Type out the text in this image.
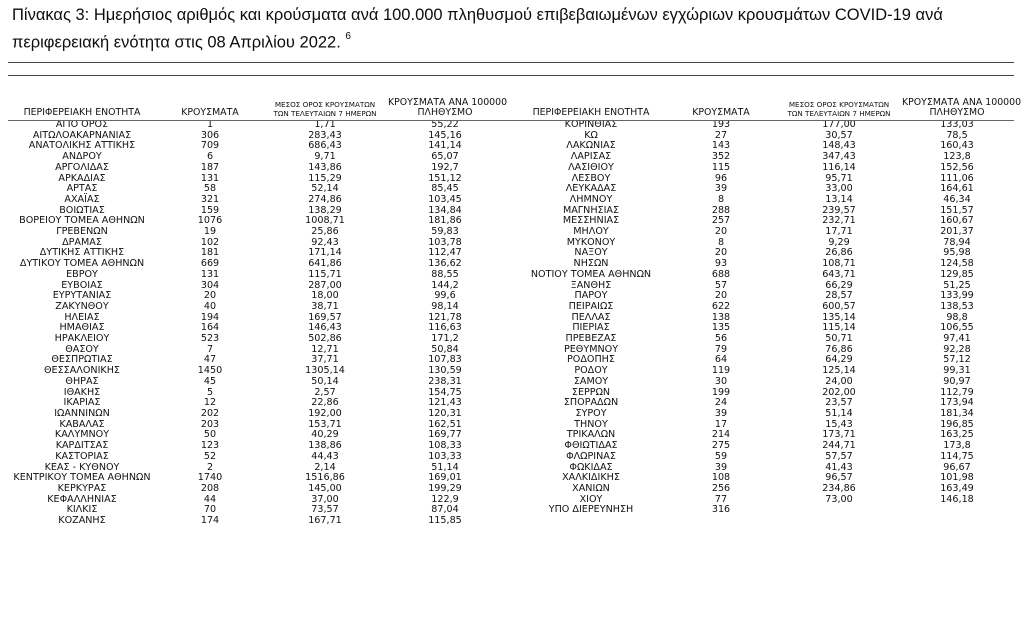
Πίνακας 3: Ημερήσιος αριθμός και κρούσματα ανά 100.000 πληθυσμού επιβεβαιωμένων εγχώριων κρουσμάτων COVID-19 ανά περιφερειακή ενότητα στις 08 Απριλίου 2022. $^6$
ΠΕΡΙΦΕΡΕΙΑΚΗ ΕΝΟΤΗΤΑ	ΚΡΟΥΣΜΑΤΑ	ΜΕΣΟΣ ΟΡΟΣ ΚΡΟΥΣΜΑΤΩΝ
ΤΩΝ ΤΕΛΕΥΤΑΙΩΝ 7 ΗΜΕΡΩΝ	ΚΡΟΥΣΜΑΤΑ ΑΝΑ 100000
ΠΛΗΘΥΣΜΟ
ΑΓΙΟ ΟΡΟΣ	1	1,71	55,22
ΑΙΤΩΛΟΑΚΑΡΝΑΝΙΑΣ	306	283,43	145,16
ΑΝΑΤΟΛΙΚΗΣ ΑΤΤΙΚΗΣ	709	686,43	141,14
ΑΝΔΡΟΥ	6	9,71	65,07
ΑΡΓΟΛΙΔΑΣ	187	143,86	192,7
ΑΡΚΑΔΙΑΣ	131	115,29	151,12
ΑΡΤΑΣ	58	52,14	85,45
ΑΧΑΪΑΣ	321	274,86	103,45
ΒΟΙΩΤΙΑΣ	159	138,29	134,84
ΒΟΡΕΙΟΥ ΤΟΜΕΑ ΑΘΗΝΩΝ	1076	1008,71	181,86
ΓΡΕΒΕΝΩΝ	19	25,86	59,83
ΔΡΑΜΑΣ	102	92,43	103,78
ΔΥΤΙΚΗΣ ΑΤΤΙΚΗΣ	181	171,14	112,47
ΔΥΤΙΚΟΥ ΤΟΜΕΑ ΑΘΗΝΩΝ	669	641,86	136,62
ΕΒΡΟΥ	131	115,71	88,55
ΕΥΒΟΙΑΣ	304	287,00	144,2
ΕΥΡΥΤΑΝΙΑΣ	20	18,00	99,6
ΖΑΚΥΝΘΟΥ	40	38,71	98,14
ΗΛΕΙΑΣ	194	169,57	121,78
ΗΜΑΘΙΑΣ	164	146,43	116,63
ΗΡΑΚΛΕΙΟΥ	523	502,86	171,2
ΘΑΣΟΥ	7	12,71	50,84
ΘΕΣΠΡΩΤΙΑΣ	47	37,71	107,83
ΘΕΣΣΑΛΟΝΙΚΗΣ	1450	1305,14	130,59
ΘΗΡΑΣ	45	50,14	238,31
ΙΘΑΚΗΣ	5	2,57	154,75
ΙΚΑΡΙΑΣ	12	22,86	121,43
ΙΩΑΝΝΙΝΩΝ	202	192,00	120,31
ΚΑΒΑΛΑΣ	203	153,71	162,51
ΚΑΛΥΜΝΟΥ	50	40,29	169,77
ΚΑΡΔΙΤΣΑΣ	123	138,86	108,33
ΚΑΣΤΟΡΙΑΣ	52	44,43	103,33
ΚΕΑΣ - ΚΥΘΝΟΥ	2	2,14	51,14
ΚΕΝΤΡΙΚΟΥ ΤΟΜΕΑ ΑΘΗΝΩΝ	1740	1516,86	169,01
ΚΕΡΚΥΡΑΣ	208	145,00	199,29
ΚΕΦΑΛΛΗΝΙΑΣ	44	37,00	122,9
ΚΙΛΚΙΣ	70	73,57	87,04
ΚΟΖΑΝΗΣ	174	167,71	115,85
ΠΕΡΙΦΕΡΕΙΑΚΗ ΕΝΟΤΗΤΑ	ΚΡΟΥΣΜΑΤΑ	ΜΕΣΟΣ ΟΡΟΣ ΚΡΟΥΣΜΑΤΩΝ
ΤΩΝ ΤΕΛΕΥΤΑΙΩΝ 7 ΗΜΕΡΩΝ	ΚΡΟΥΣΜΑΤΑ ΑΝΑ 100000
ΠΛΗΘΥΣΜΟ
ΚΟΡΙΝΘΙΑΣ	193	177,00	133,03
ΚΩ	27	30,57	78,5
ΛΑΚΩΝΙΑΣ	143	148,43	160,43
ΛΑΡΙΣΑΣ	352	347,43	123,8
ΛΑΣΙΘΙΟΥ	115	116,14	152,56
ΛΕΣΒΟΥ	96	95,71	111,06
ΛΕΥΚΑΔΑΣ	39	33,00	164,61
ΛΗΜΝΟΥ	8	13,14	46,34
ΜΑΓΝΗΣΙΑΣ	288	239,57	151,57
ΜΕΣΣΗΝΙΑΣ	257	232,71	160,67
ΜΗΛΟΥ	20	17,71	201,37
ΜΥΚΟΝΟΥ	8	9,29	78,94
ΝΑΞΟΥ	20	26,86	95,98
ΝΗΣΩΝ	93	108,71	124,58
ΝΟΤΙΟΥ ΤΟΜΕΑ ΑΘΗΝΩΝ	688	643,71	129,85
ΞΑΝΘΗΣ	57	66,29	51,25
ΠΑΡΟΥ	20	28,57	133,99
ΠΕΙΡΑΙΩΣ	622	600,57	138,53
ΠΕΛΛΑΣ	138	135,14	98,8
ΠΙΕΡΙΑΣ	135	115,14	106,55
ΠΡΕΒΕΖΑΣ	56	50,71	97,41
ΡΕΘΥΜΝΟΥ	79	76,86	92,28
ΡΟΔΟΠΗΣ	64	64,29	57,12
ΡΟΔΟΥ	119	125,14	99,31
ΣΑΜΟΥ	30	24,00	90,97
ΣΕΡΡΩΝ	199	202,00	112,79
ΣΠΟΡΑΔΩΝ	24	23,57	173,94
ΣΥΡΟΥ	39	51,14	181,34
ΤΗΝΟΥ	17	15,43	196,85
ΤΡΙΚΑΛΩΝ	214	173,71	163,25
ΦΘΙΩΤΙΔΑΣ	275	244,71	173,8
ΦΛΩΡΙΝΑΣ	59	57,57	114,75
ΦΩΚΙΔΑΣ	39	41,43	96,67
ΧΑΛΚΙΔΙΚΗΣ	108	96,57	101,98
ΧΑΝΙΩΝ	256	234,86	163,49
ΧΙΟΥ	77	73,00	146,18
ΥΠΟ ΔΙΕΡΕΥΝΗΣΗ	316		
